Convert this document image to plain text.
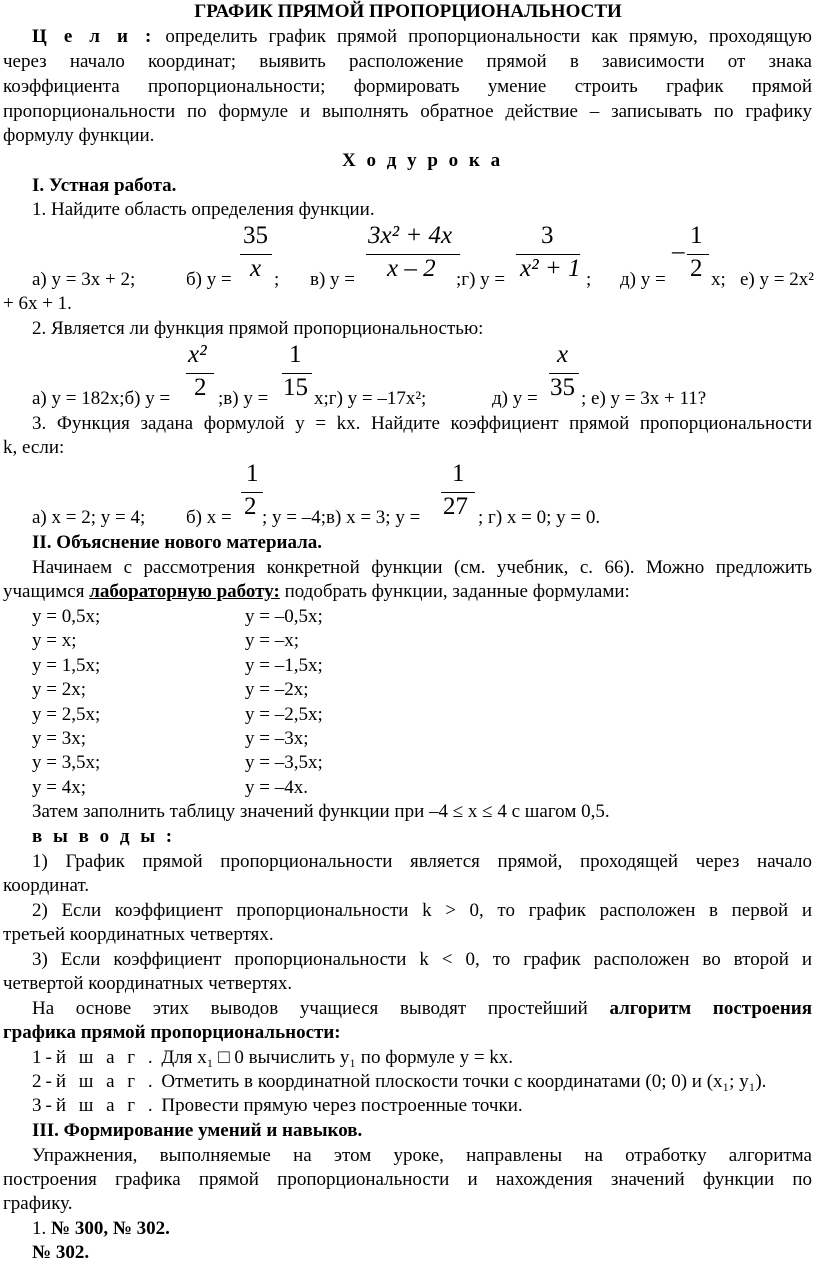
ГРАФИК ПРЯМОЙ ПРОПОРЦИОНАЛЬНОСТИ
Ц е л и : определить график прямой пропорциональности как прямую, проходящую
через начало координат; выявить расположение прямой в зависимости от знака
коэффициента пропорциональности; формировать умение строить график прямой
пропорциональности по формуле и выполнять обратное действие – записывать по графику
формулу функции.
Х о д у р о к а
I. Устная работа.
1. Найдите область определения функции.
35
x
3x² + 4x
x – 2
3
x² + 1
–
1
2
а) y = 3x + 2;	б) y = ; в) y =	;г) y =	; д) y = x; е) y = 2x²
+ 6x + 1.
2. Является ли функция прямой пропорциональностью:
x²
2
1
15
x
35
а) y = 182x;б) y =	;в) y = x;г) y = –17x²;	д) y = ; е) y = 3x + 11?
3. Функция задана формулой y = kx. Найдите коэффициент прямой пропорциональности
k, если:
1
2
1
27
а) x = 2; y = 4; б) x = ; y = –4;в) x = 3; y =	; г) x = 0; y = 0.
II. Объяснение нового материала.
Начинаем с рассмотрения конкретной функции (см. учебник, с. 66). Можно предложить
учащимся лабораторную работу: подобрать функции, заданные формулами:
y = 0,5x;	y = –0,5x;
y = x;	y = –x;
y = 1,5x;	y = –1,5x;
y = 2x;	y = –2x;
y = 2,5x;	y = –2,5x;
y = 3x;	y = –3x;
y = 3,5x;	y = –3,5x;
y = 4x;	y = –4x.
Затем заполнить таблицу значений функции при –4 ≤ x ≤ 4 с шагом 0,5.
в ы в о д ы :
1) График прямой пропорциональности является прямой, проходящей через начало
координат.
2) Если коэффициент пропорциональности k > 0, то график расположен в первой и
третьей координатных четвертях.
3) Если коэффициент пропорциональности k < 0, то график расположен во второй и
четвертой координатных четвертях.
На основе этих выводов учащиеся выводят простейший алгоритм построения
графика прямой пропорциональности:
1-й ш а г . Для x₁ □ 0 вычислить y₁ по формуле y = kx.
2-й ш а г . Отметить в координатной плоскости точки с координатами (0; 0) и (x₁; y₁).
3-й ш а г . Провести прямую через построенные точки.
III. Формирование умений и навыков.
Упражнения, выполняемые на этом уроке, направлены на отработку алгоритма
построения графика прямой пропорциональности и нахождения значений функции по
графику.
1. № 300, № 302.
№ 302.
